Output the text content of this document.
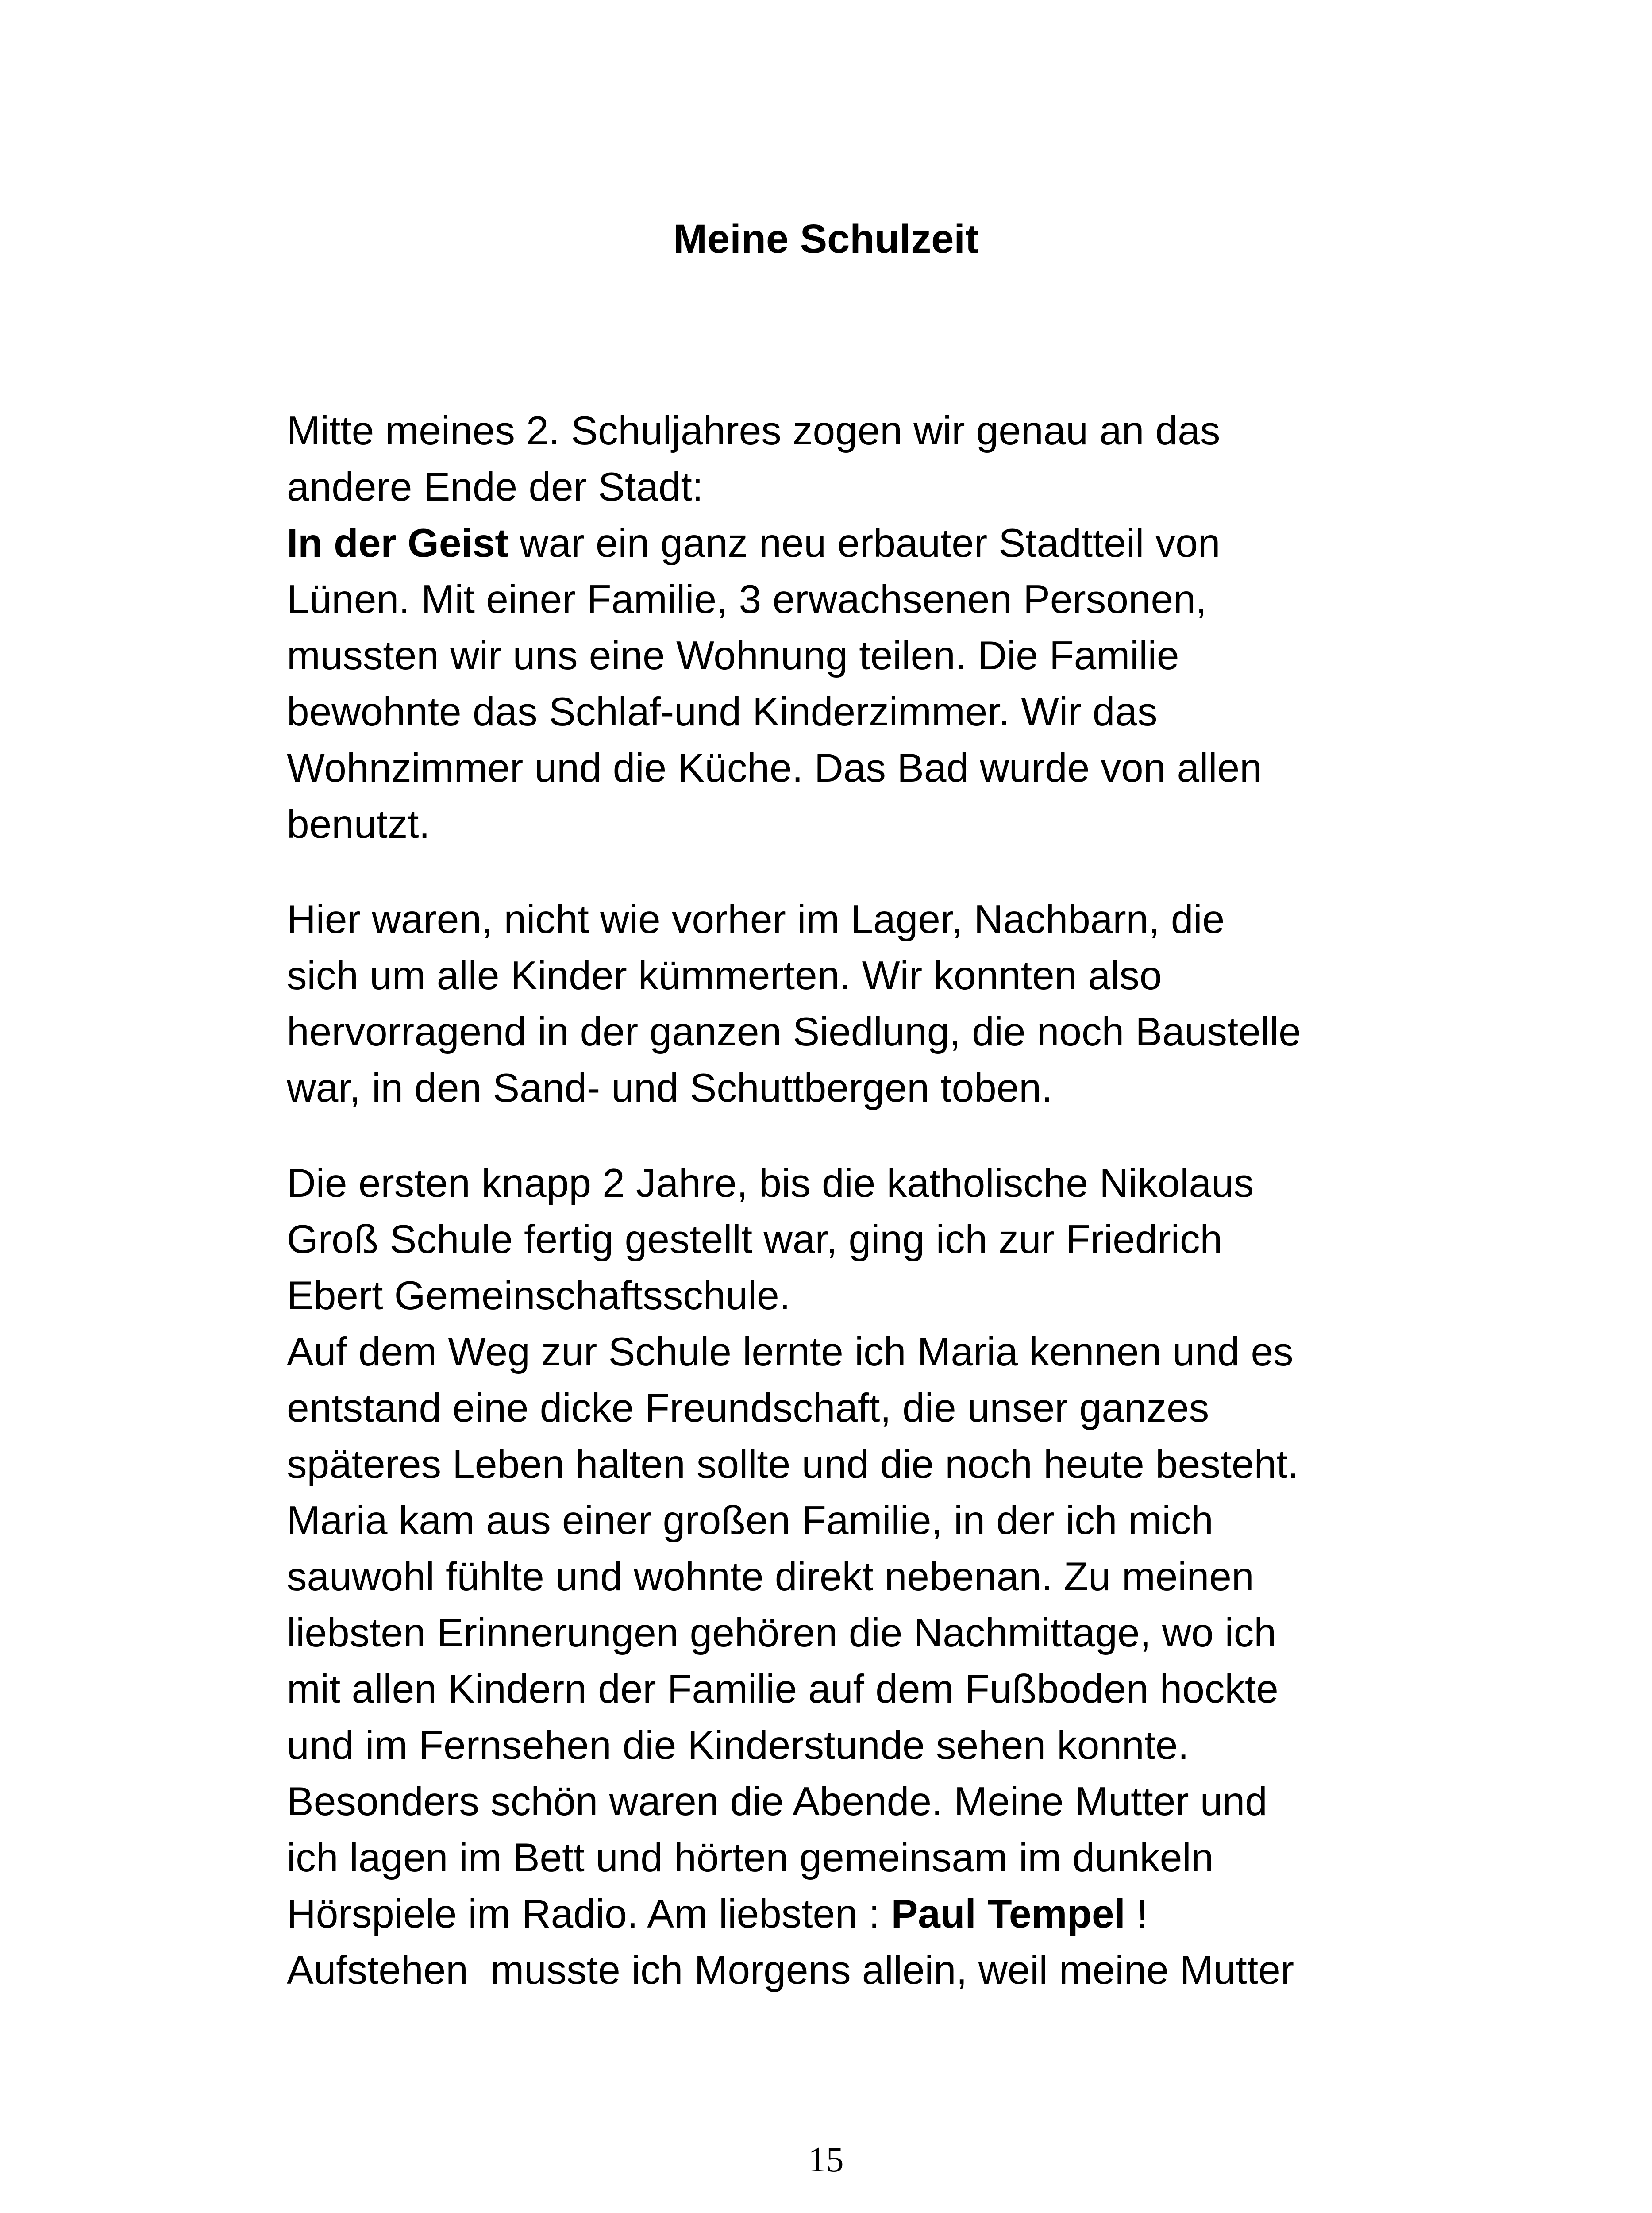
Meine Schulzeit

Mitte meines 2. Schuljahres zogen wir genau an das
andere Ende der Stadt:
In der Geist war ein ganz neu erbauter Stadtteil von
Lünen. Mit einer Familie, 3 erwachsenen Personen,
mussten wir uns eine Wohnung teilen. Die Familie
bewohnte das Schlaf-und Kinderzimmer. Wir das
Wohnzimmer und die Küche. Das Bad wurde von allen
benutzt.

Hier waren, nicht wie vorher im Lager, Nachbarn, die
sich um alle Kinder kümmerten. Wir konnten also
hervorragend in der ganzen Siedlung, die noch Baustelle
war, in den Sand- und Schuttbergen toben.

Die ersten knapp 2 Jahre, bis die katholische Nikolaus
Groß Schule fertig gestellt war, ging ich zur Friedrich
Ebert Gemeinschaftsschule.
Auf dem Weg zur Schule lernte ich Maria kennen und es
entstand eine dicke Freundschaft, die unser ganzes
späteres Leben halten sollte und die noch heute besteht.
Maria kam aus einer großen Familie, in der ich mich
sauwohl fühlte und wohnte direkt nebenan. Zu meinen
liebsten Erinnerungen gehören die Nachmittage, wo ich
mit allen Kindern der Familie auf dem Fußboden hockte
und im Fernsehen die Kinderstunde sehen konnte.
Besonders schön waren die Abende. Meine Mutter und
ich lagen im Bett und hörten gemeinsam im dunkeln
Hörspiele im Radio. Am liebsten : Paul Tempel !
Aufstehen  musste ich Morgens allein, weil meine Mutter

15
